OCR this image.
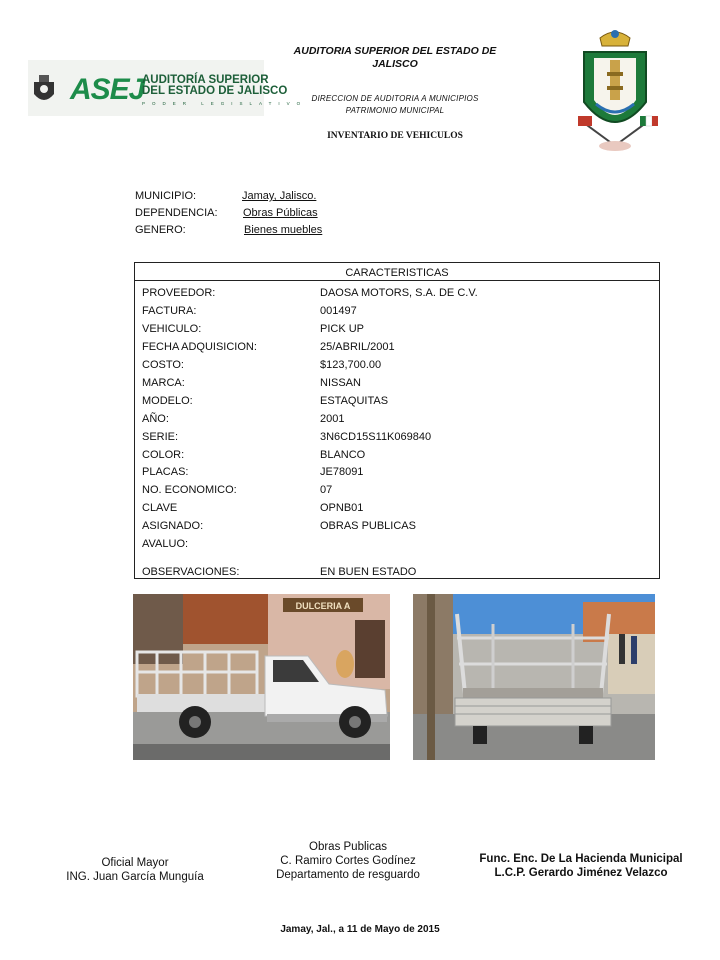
AUDITORIA SUPERIOR DEL ESTADO DE JALISCO
DIRECCION DE AUDITORIA A MUNICIPIOS
PATRIMONIO MUNICIPAL
INVENTARIO DE VEHICULOS
ASEJ
AUDITORÍA SUPERIOR
DEL ESTADO DE JALISCO
PODER LEGISLATIVO
MUNICIPIO:	Jamay, Jalisco.
DEPENDENCIA: Obras Públicas
GENERO:	Bienes muebles
CARACTERISTICAS
PROVEEDOR:	DAOSA MOTORS, S.A. DE C.V.
FACTURA:	001497
VEHICULO:	PICK UP
FECHA ADQUISICION:	25/ABRIL/2001
COSTO:	$123,700.00
MARCA:	NISSAN
MODELO:	ESTAQUITAS
AÑO:	2001
SERIE:	3N6CD15S11K069840
COLOR:	BLANCO
PLACAS:	JE78091
NO. ECONOMICO:	07
CLAVE	OPNB01
ASIGNADO:	OBRAS PUBLICAS
AVALUO:
OBSERVACIONES:	EN BUEN ESTADO
DULCERIA A
Oficial Mayor
ING. Juan García Munguía
Obras Publicas
C. Ramiro Cortes Godínez
Departamento de resguardo
Func. Enc. De La Hacienda Municipal
L.C.P. Gerardo Jiménez Velazco
Jamay, Jal., a 11 de Mayo de 2015
